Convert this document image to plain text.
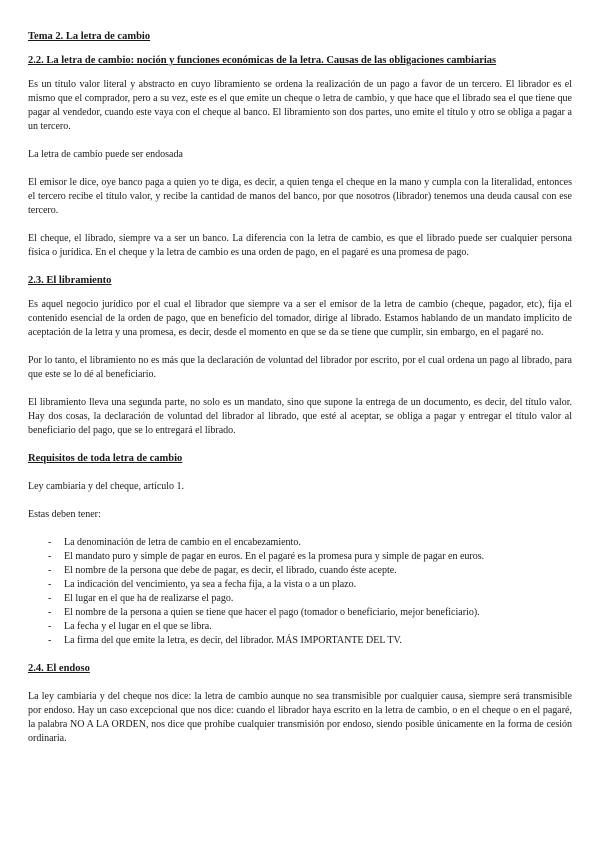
Tema 2. La letra de cambio

2.2. La letra de cambio: noción y funciones económicas de la letra. Causas de las obligaciones cambiarias

Es un título valor literal y abstracto en cuyo libramiento se ordena la realización de un pago a favor de un tercero. El librador es el mismo que el comprador, pero a su vez, este es el que emite un cheque o letra de cambio, y que hace que el librado sea el que tiene que pagar al vendedor, cuando este vaya con el cheque al banco. El libramiento son dos partes, uno emite el título y otro se obliga a pagar a un tercero.

La letra de cambio puede ser endosada

El emisor le dice, oye banco paga a quien yo te diga, es decir, a quien tenga el cheque en la mano y cumpla con la literalidad, entonces el tercero recibe el título valor, y recibe la cantidad de manos del banco, por que nosotros (librador) tenemos una deuda causal con ese tercero.

El cheque, el librado, siempre va a ser un banco. La diferencia con la letra de cambio, es que el librado puede ser cualquier persona física o jurídica. En el cheque y la letra de cambio es una orden de pago, en el pagaré es una promesa de pago.

2.3. El libramiento

Es aquel negocio jurídico por el cual el librador que siempre va a ser el emisor de la letra de cambio (cheque, pagador, etc), fija el contenido esencial de la orden de pago, que en beneficio del tomador, dirige al librado. Estamos hablando de un mandato implícito de aceptación de la letra y una promesa, es decir, desde el momento en que se da se tiene que cumplir, sin embargo, en el pagaré no.

Por lo tanto, el libramiento no es más que la declaración de voluntad del librador por escrito, por el cual ordena un pago al librado, para que este se lo dé al beneficiario.

El libramiento lleva una segunda parte, no solo es un mandato, sino que supone la entrega de un documento, es decir, del título valor. Hay dos cosas, la declaración de voluntad del librador al librado, que esté al aceptar, se obliga a pagar y entregar el título valor al beneficiario del pago, que se lo entregará el librado.

Requisitos de toda letra de cambio

Ley cambiaria y del cheque, artículo 1.

Estas deben tener:

- La denominación de letra de cambio en el encabezamiento.
- El mandato puro y simple de pagar en euros. En el pagaré es la promesa pura y simple de pagar en euros.
- El nombre de la persona que debe de pagar, es decir, el librado, cuando éste acepte.
- La indicación del vencimiento, ya sea a fecha fija, a la vista o a un plazo.
- El lugar en el que ha de realizarse el pago.
- El nombre de la persona a quien se tiene que hacer el pago (tomador o beneficiario, mejor beneficiario).
- La fecha y el lugar en el que se libra.
- La firma del que emite la letra, es decir, del librador. MÁS IMPORTANTE DEL TV.

2.4. El endoso

La ley cambiaria y del cheque nos dice: la letra de cambio aunque no sea transmisible por cualquier causa, siempre será transmisible por endoso. Hay un caso excepcional que nos dice: cuando el librador haya escrito en la letra de cambio, o en el cheque o en el pagaré, la palabra NO A LA ORDEN, nos dice que prohíbe cualquier transmisión por endoso, siendo posible únicamente en la forma de cesión ordinaria.
